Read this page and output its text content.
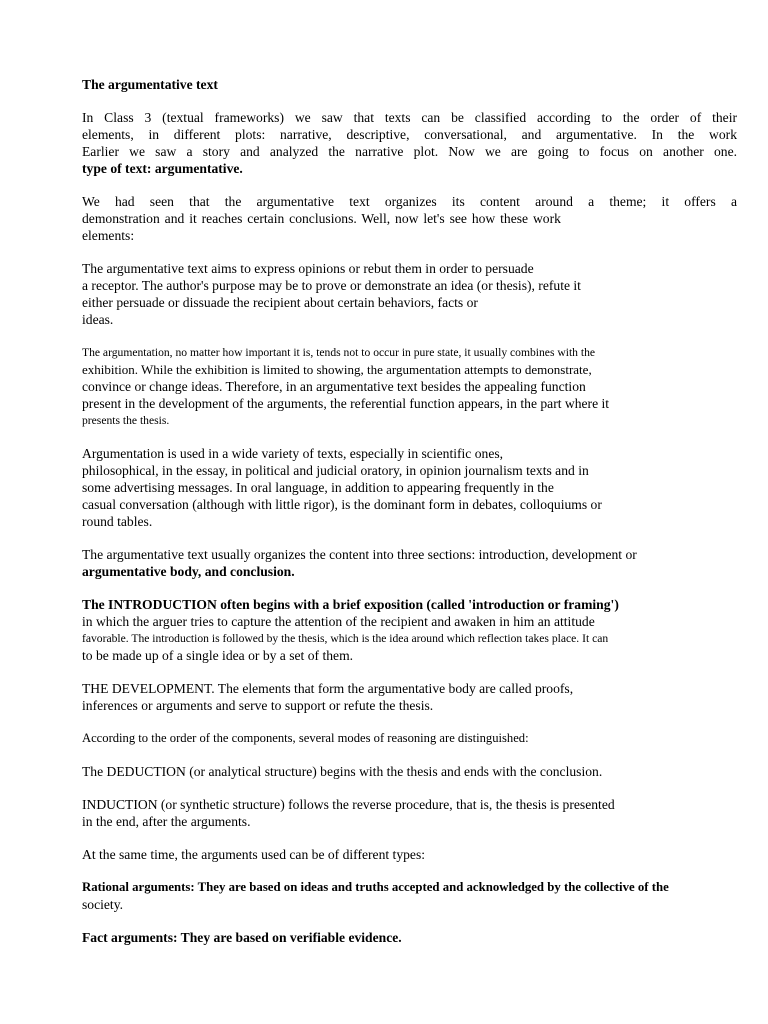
The argumentative text
In Class 3 (textual frameworks) we saw that texts can be classified according to the order of their
elements, in different plots: narrative, descriptive, conversational, and argumentative. In the work
Earlier we saw a story and analyzed the narrative plot. Now we are going to focus on another one.
type of text: argumentative.
We had seen that the argumentative text organizes its content around a theme; it offers a
demonstration and it reaches certain conclusions. Well, now let's see how these work
elements:
The argumentative text aims to express opinions or rebut them in order to persuade
a receptor. The author's purpose may be to prove or demonstrate an idea (or thesis), refute it
either persuade or dissuade the recipient about certain behaviors, facts or
ideas.
The argumentation, no matter how important it is, tends not to occur in pure state, it usually combines with the
exhibition. While the exhibition is limited to showing, the argumentation attempts to demonstrate,
convince or change ideas. Therefore, in an argumentative text besides the appealing function
present in the development of the arguments, the referential function appears, in the part where it
presents the thesis.
Argumentation is used in a wide variety of texts, especially in scientific ones,
philosophical, in the essay, in political and judicial oratory, in opinion journalism texts and in
some advertising messages. In oral language, in addition to appearing frequently in the
casual conversation (although with little rigor), is the dominant form in debates, colloquiums or
round tables.
The argumentative text usually organizes the content into three sections: introduction, development or
argumentative body, and conclusion.
The INTRODUCTION often begins with a brief exposition (called 'introduction or framing')
in which the arguer tries to capture the attention of the recipient and awaken in him an attitude
favorable. The introduction is followed by the thesis, which is the idea around which reflection takes place. It can
to be made up of a single idea or by a set of them.
THE DEVELOPMENT. The elements that form the argumentative body are called proofs,
inferences or arguments and serve to support or refute the thesis.
According to the order of the components, several modes of reasoning are distinguished:
The DEDUCTION (or analytical structure) begins with the thesis and ends with the conclusion.
INDUCTION (or synthetic structure) follows the reverse procedure, that is, the thesis is presented
in the end, after the arguments.
At the same time, the arguments used can be of different types:
Rational arguments: They are based on ideas and truths accepted and acknowledged by the collective of the
society.
Fact arguments: They are based on verifiable evidence.
